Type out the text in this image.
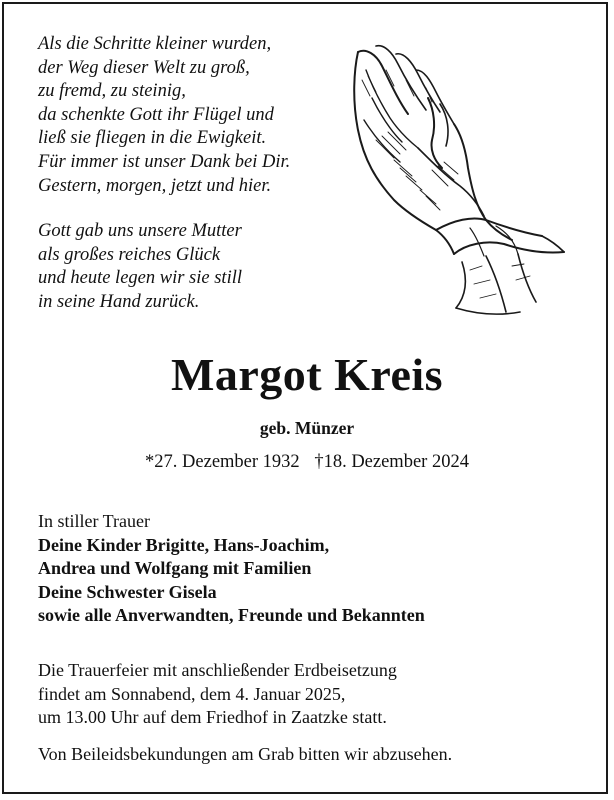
Als die Schritte kleiner wurden,
der Weg dieser Welt zu groß,
zu fremd, zu steinig,
da schenkte Gott ihr Flügel und
ließ sie fliegen in die Ewigkeit.
Für immer ist unser Dank bei Dir.
Gestern, morgen, jetzt und hier.
Gott gab uns unsere Mutter
als großes reiches Glück
und heute legen wir sie still
in seine Hand zurück.
Margot Kreis
geb. Münzer
*27. Dezember 1932 †18. Dezember 2024
In stiller Trauer
Deine Kinder Brigitte, Hans-Joachim,
Andrea und Wolfgang mit Familien
Deine Schwester Gisela
sowie alle Anverwandten, Freunde und Bekannten
Die Trauerfeier mit anschließender Erdbeisetzung
findet am Sonnabend, dem 4. Januar 2025,
um 13.00 Uhr auf dem Friedhof in Zaatzke statt.
Von Beileidsbekundungen am Grab bitten wir abzusehen.
